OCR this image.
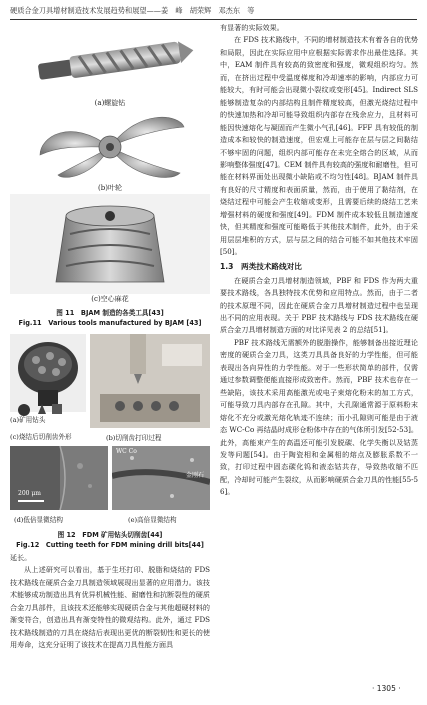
硬质合金刀具增材制造技术发展趋势和展望——姜　峰　胡荣辉　邓杰东　等
(a)螺旋钻
(b)叶轮
(c)空心麻花
图 11　BJAM 制造的各类工具[43]
Fig.11　Various tools manufactured by BJAM [43]
(a)矿用钻头
(b)切削齿打印过程
(c)烧结后切削齿外形
200 μm
(d)低倍显微结构
WC Co
金刚石
(e)高倍显微结构
图 12　FDM 矿用钻头切削齿[44]
Fig.12　Cutting teeth for FDM mining drill bits[44]
延长。
从上述研究可以看出，基于生坯打印、脱脂和烧结的 FDS 技术路线在硬质合金刀具制造领域展现出显著的应用潜力。该技术能够成功制造出具有优异机械性能、耐磨性和抗断裂性的硬质合金刀具部件，且该技术还能够实现硬质合金与其他超硬材料的渐变符合，创造出具有渐变特性的微观结构。此外，通过 FDS 技术路线制造的刀具在烧结后表现出更优的断裂韧性和更长的使用寿命，这充分证明了该技术在提高刀具性能方面具
有显著的实际效果。
在 FDS 技术路线中，不同的增材制造技术有着各自的优势和局限，因此在实际应用中应根据实际需求作出最佳选择。其中，EAM 制件具有较高的致密度和强度，微观组织均匀。然而，在挤出过程中受温度梯度和冷却速率的影响，内部应力可能较大，有时可能会出现微小裂纹或变形[45]。Indirect SLS 能够制造复杂的内部结构且制件精度较高，但激光烧结过程中的快速加热和冷却可能导致组织内部存在残余应力，且材料可能因快速熔化与凝固而产生微小气孔[46]。FFF 具有较低的制造成本和较快的制造速度，但宏观上可能存在层与层之间黏结不够牢固的问题，组织内部可能存在未完全熔合的区域，从而影响整体强度[47]。CEM 制件具有较高的强度和耐磨性，但可能在材料界面处出现微小缺陷或不均匀性[48]。BJAM 制件具有良好的尺寸精度和表面质量，然而，由于使用了黏结剂，在烧结过程中可能会产生收缩或变形，且需要后续的烧结工艺来增强材料的硬度和强度[49]。FDM 制件成本较低且制造速度快，但其精度和强度可能略低于其他技术制件，此外，由于采用层层堆积的方式，层与层之间的结合可能不如其他技术牢固[50]。
1.3　两类技术路线对比
在硬质合金刀具增材制造领域，PBF 和 FDS 作为两大重要技术路线，各具独特技术优势和应用特点。然而，由于二者的技术原理不同，因此在硬质合金刀具增材制造过程中也呈现出不同的应用表现。关于 PBF 技术路线与 FDS 技术路线在硬质合金刀具增材制造方面的对比详见表 2 的总结[51]。
PBF 技术路线无需额外的脱脂操作，能够制备出接近理论密度的硬质合金刀具，这类刀具具备良好的力学性能，但可能表现出各向异性的力学性能。对于一些形状简单的部件，仅需通过参数调整便能直接形成致密件。然而，PBF 技术也存在一些缺陷，该技术采用高能激光或电子束熔化粉末的加工方式，可能导致刀具内部存在孔隙。其中，大孔隙通常源于原料粉末熔化不充分或激光熔化轨迹不连续；而小孔隙则可能是由于液态 WC-Co 再结晶时成形仓粉体中存在的气体所引发[52-53]。此外，高能束产生的高温还可能引发脱碳、化学失衡以及钴蒸发等问题[54]。由于陶瓷相和金属相的熔点及膨胀系数不一致，打印过程中固态碳化钨和液态钴共存，导致热收缩不匹配，冷却时可能产生裂纹，从而影响硬质合金刀具的性能[55-56]。
· 1305 ·
